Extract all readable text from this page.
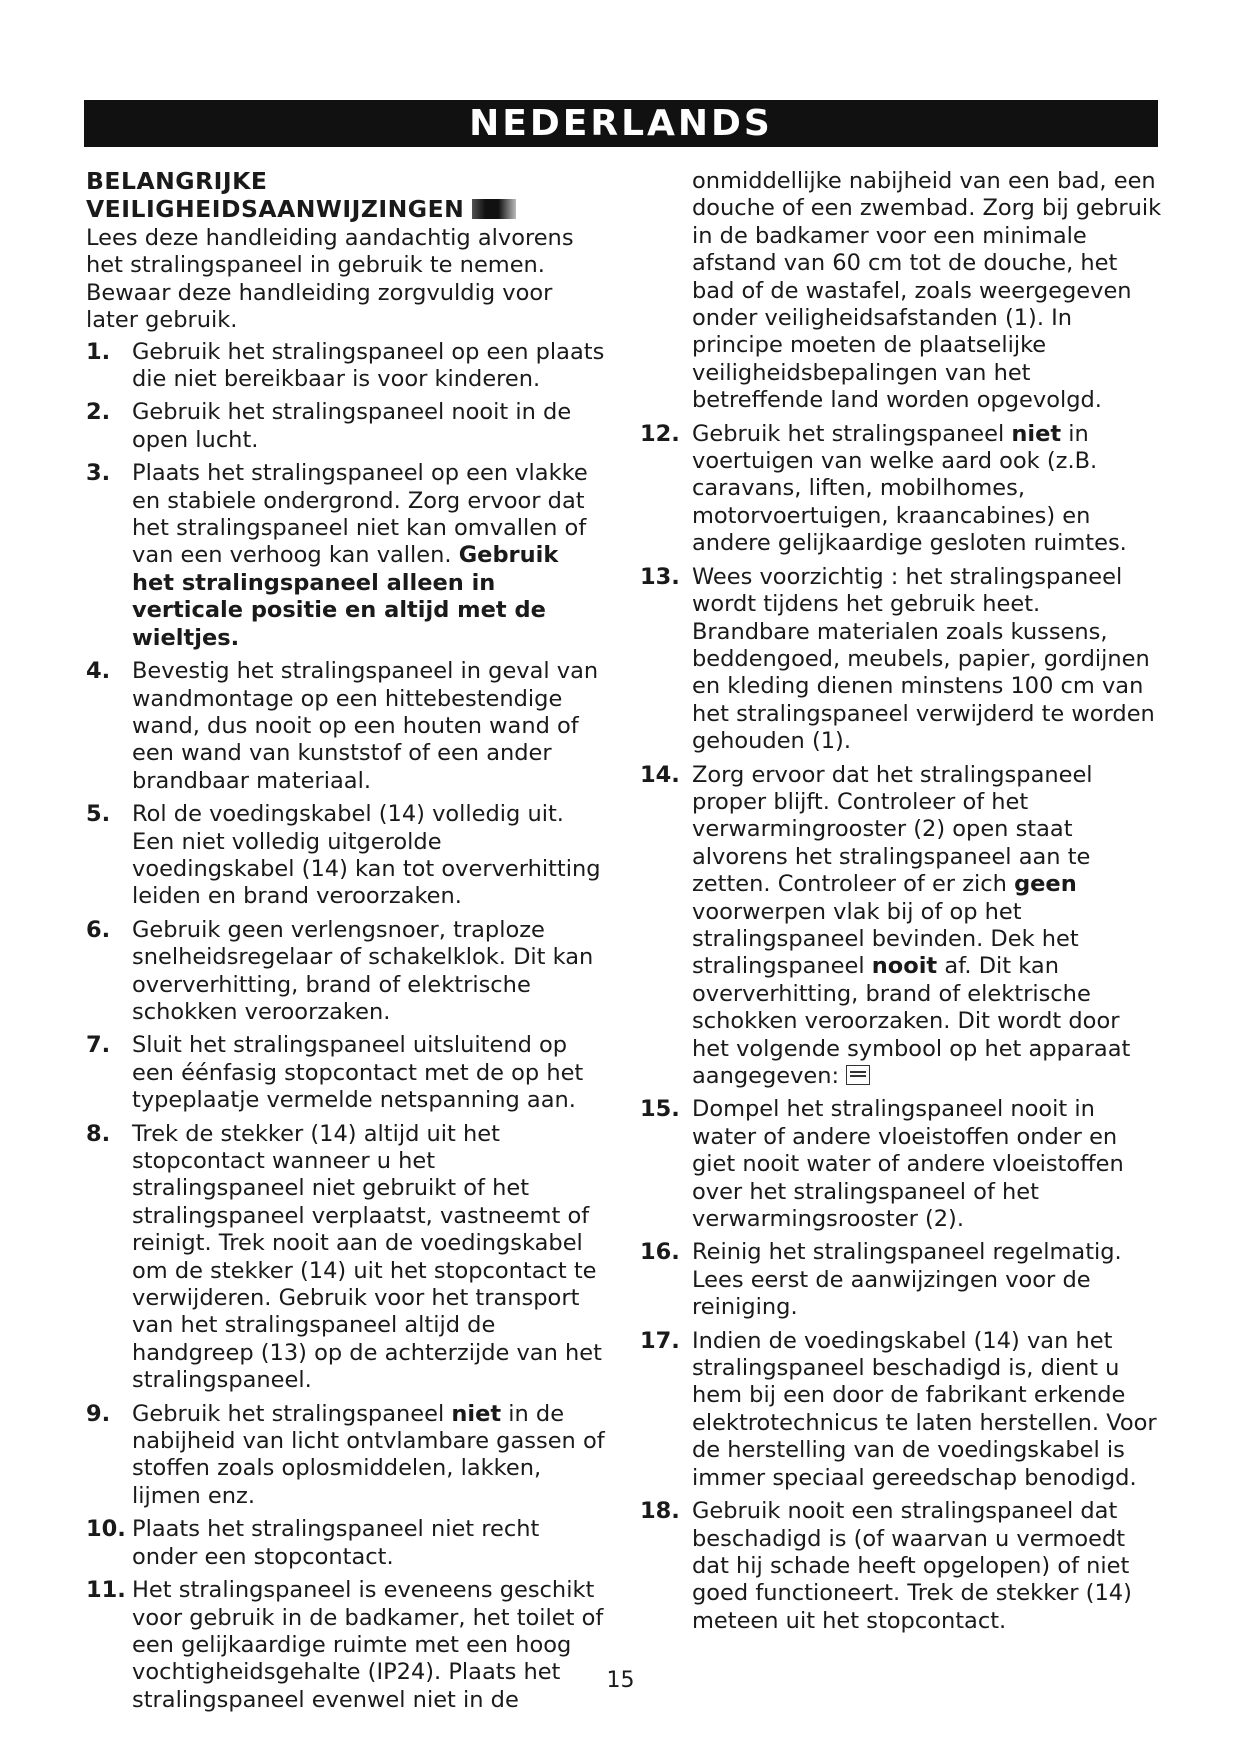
NEDERLANDS
BELANGRIJKE
VEILIGHEIDSAANWIJZINGEN

Lees deze handleiding aandachtig alvorens het stralingspaneel in gebruik te nemen. Bewaar deze handleiding zorgvuldig voor later gebruik.

1. Gebruik het stralingspaneel op een plaats die niet bereikbaar is voor kinderen.
2. Gebruik het stralingspaneel nooit in de open lucht.
3. Plaats het stralingspaneel op een vlakke en stabiele ondergrond. Zorg ervoor dat het stralingspaneel niet kan omvallen of van een verhoog kan vallen. Gebruik het stralingspaneel alleen in verticale positie en altijd met de wieltjes.
4. Bevestig het stralingspaneel in geval van wandmontage op een hittebestendige wand, dus nooit op een houten wand of een wand van kunststof of een ander brandbaar materiaal.
5. Rol de voedingskabel (14) volledig uit. Een niet volledig uitgerolde voedingskabel (14) kan tot oververhitting leiden en brand veroorzaken.
6. Gebruik geen verlengsnoer, traploze snelheidsregelaar of schakelklok. Dit kan oververhitting, brand of elektrische schokken veroorzaken.
7. Sluit het stralingspaneel uitsluitend op een éénfasig stopcontact met de op het typeplaatje vermelde netspanning aan.
8. Trek de stekker (14) altijd uit het stopcontact wanneer u het stralingspaneel niet gebruikt of het stralingspaneel verplaatst, vastneemt of reinigt. Trek nooit aan de voedingskabel om de stekker (14) uit het stopcontact te verwijderen. Gebruik voor het transport van het stralingspaneel altijd de handgreep (13) op de achterzijde van het stralingspaneel.
9. Gebruik het stralingspaneel niet in de nabijheid van licht ontvlambare gassen of stoffen zoals oplosmiddelen, lakken, lijmen enz.
10. Plaats het stralingspaneel niet recht onder een stopcontact.
11. Het stralingspaneel is eveneens geschikt voor gebruik in de badkamer, het toilet of een gelijkaardige ruimte met een hoog vochtigheidsgehalte (IP24). Plaats het stralingspaneel evenwel niet in de

onmiddellijke nabijheid van een bad, een douche of een zwembad. Zorg bij gebruik in de badkamer voor een minimale afstand van 60 cm tot de douche, het bad of de wastafel, zoals weergegeven onder veiligheidsafstanden (1). In principe moeten de plaatselijke veiligheidsbepalingen van het betreffende land worden opgevolgd.

12. Gebruik het stralingspaneel niet in voertuigen van welke aard ook (z.B. caravans, liften, mobilhomes, motorvoertuigen, kraancabines) en andere gelijkaardige gesloten ruimtes.
13. Wees voorzichtig : het stralingspaneel wordt tijdens het gebruik heet. Brandbare materialen zoals kussens, beddengoed, meubels, papier, gordijnen en kleding dienen minstens 100 cm van het stralingspaneel verwijderd te worden gehouden (1).
14. Zorg ervoor dat het stralingspaneel proper blijft. Controleer of het verwarmingrooster (2) open staat alvorens het stralingspaneel aan te zetten. Controleer of er zich geen voorwerpen vlak bij of op het stralingspaneel bevinden. Dek het stralingspaneel nooit af. Dit kan oververhitting, brand of elektrische schokken veroorzaken. Dit wordt door het volgende symbool op het apparaat aangegeven:
15. Dompel het stralingspaneel nooit in water of andere vloeistoffen onder en giet nooit water of andere vloeistoffen over het stralingspaneel of het verwarmingsrooster (2).
16. Reinig het stralingspaneel regelmatig. Lees eerst de aanwijzingen voor de reiniging.
17. Indien de voedingskabel (14) van het stralingspaneel beschadigd is, dient u hem bij een door de fabrikant erkende elektrotechnicus te laten herstellen. Voor de herstelling van de voedingskabel is immer speciaal gereedschap benodigd.
18. Gebruik nooit een stralingspaneel dat beschadigd is (of waarvan u vermoedt dat hij schade heeft opgelopen) of niet goed functioneert. Trek de stekker (14) meteen uit het stopcontact.
15
